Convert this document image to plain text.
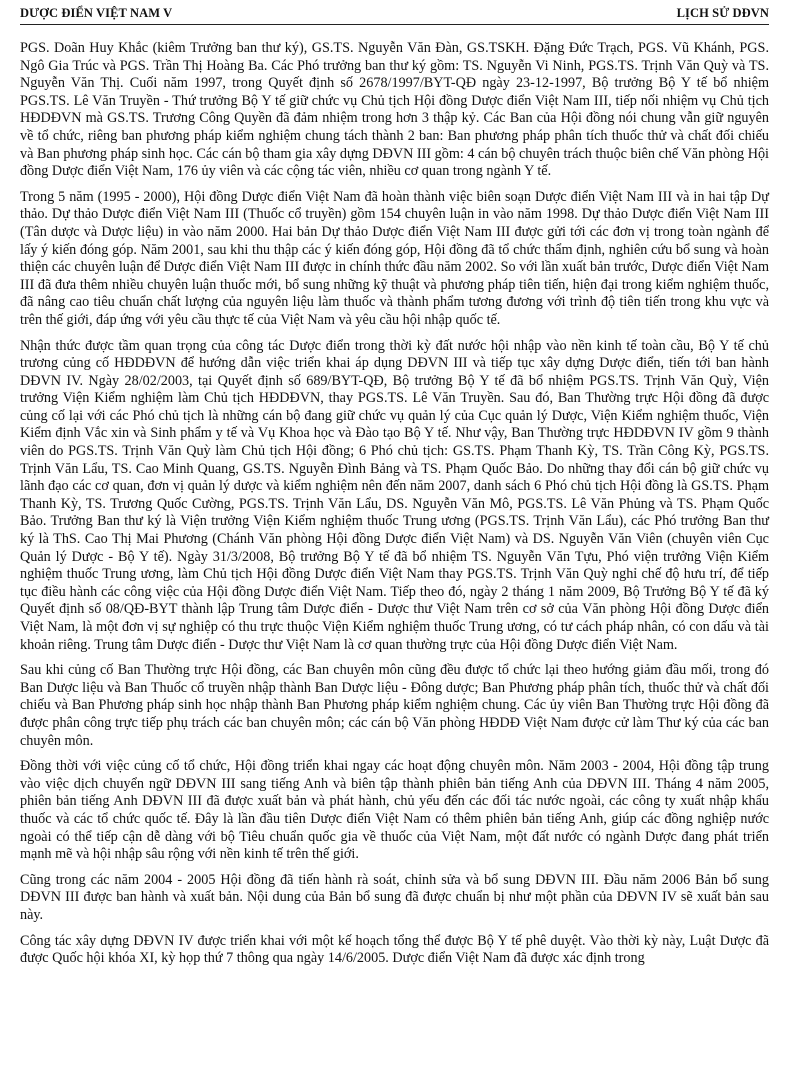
DƯỢC ĐIỂN VIỆT NAM V	LỊCH SỬ DĐVN

PGS. Doãn Huy Khắc (kiêm Trưởng ban thư ký), GS.TS. Nguyễn Văn Đàn, GS.TSKH. Đặng Đức Trạch, PGS. Vũ Khánh, PGS. Ngô Gia Trúc và PGS. Trần Thị Hoàng Ba. Các Phó trưởng ban thư ký gồm: TS. Nguyễn Vi Ninh, PGS.TS. Trịnh Văn Quỳ và TS. Nguyễn Văn Thị. Cuối năm 1997, trong Quyết định số 2678/1997/BYT-QĐ ngày 23-12-1997, Bộ trưởng Bộ Y tế bổ nhiệm PGS.TS. Lê Văn Truyền - Thứ trưởng Bộ Y tế giữ chức vụ Chủ tịch Hội đồng Dược điển Việt Nam III, tiếp nối nhiệm vụ Chủ tịch HĐDĐVN mà GS.TS. Trương Công Quyền đã đảm nhiệm trong hơn 3 thập kỷ. Các Ban của Hội đồng nói chung vẫn giữ nguyên về tổ chức, riêng ban phương pháp kiểm nghiệm chung tách thành 2 ban: Ban phương pháp phân tích thuốc thử và chất đối chiếu và Ban phương pháp sinh học. Các cán bộ tham gia xây dựng DĐVN III gồm: 4 cán bộ chuyên trách thuộc biên chế Văn phòng Hội đồng Dược điển Việt Nam, 176 ủy viên và các cộng tác viên, nhiều cơ quan trong ngành Y tế.

Trong 5 năm (1995 - 2000), Hội đồng Dược điển Việt Nam đã hoàn thành việc biên soạn Dược điển Việt Nam III và in hai tập Dự thảo. Dự thảo Dược điển Việt Nam III (Thuốc cổ truyền) gồm 154 chuyên luận in vào năm 1998. Dự thảo Dược điển Việt Nam III (Tân dược và Dược liệu) in vào năm 2000. Hai bản Dự thảo Dược điển Việt Nam III được gửi tới các đơn vị trong toàn ngành để lấy ý kiến đóng góp. Năm 2001, sau khi thu thập các ý kiến đóng góp, Hội đồng đã tổ chức thẩm định, nghiên cứu bổ sung và hoàn thiện các chuyên luận để Dược điển Việt Nam III được in chính thức đầu năm 2002. So với lần xuất bản trước, Dược điển Việt Nam III đã đưa thêm nhiều chuyên luận thuốc mới, bổ sung những kỹ thuật và phương pháp tiên tiến, hiện đại trong kiểm nghiệm thuốc, đã nâng cao tiêu chuẩn chất lượng của nguyên liệu làm thuốc và thành phẩm tương đương với trình độ tiên tiến trong khu vực và trên thế giới, đáp ứng với yêu cầu thực tế của Việt Nam và yêu cầu hội nhập quốc tế.

Nhận thức được tầm quan trọng của công tác Dược điển trong thời kỳ đất nước hội nhập vào nền kinh tế toàn cầu, Bộ Y tế chủ trương củng cố HĐDĐVN để hướng dẫn việc triển khai áp dụng DĐVN III và tiếp tục xây dựng Dược điển, tiến tới ban hành DĐVN IV. Ngày 28/02/2003, tại Quyết định số 689/BYT-QĐ, Bộ trưởng Bộ Y tế đã bổ nhiệm PGS.TS. Trịnh Văn Quỳ, Viện trưởng Viện Kiểm nghiệm làm Chủ tịch HĐDĐVN, thay PGS.TS. Lê Văn Truyền. Sau đó, Ban Thường trực Hội đồng đã được củng cố lại với các Phó chủ tịch là những cán bộ đang giữ chức vụ quản lý của Cục quản lý Dược, Viện Kiểm nghiệm thuốc, Viện Kiểm định Vắc xin và Sinh phẩm y tế và Vụ Khoa học và Đào tạo Bộ Y tế. Như vậy, Ban Thường trực HĐDĐVN IV gồm 9 thành viên do PGS.TS. Trịnh Văn Quỳ làm Chủ tịch Hội đồng; 6 Phó chủ tịch: GS.TS. Phạm Thanh Kỳ, TS. Trần Công Kỳ, PGS.TS. Trịnh Văn Lẩu, TS. Cao Minh Quang, GS.TS. Nguyễn Đình Bảng và TS. Phạm Quốc Bảo. Do những thay đổi cán bộ giữ chức vụ lãnh đạo các cơ quan, đơn vị quản lý dược và kiểm nghiệm nên đến năm 2007, danh sách 6 Phó chủ tịch Hội đồng là GS.TS. Phạm Thanh Kỳ, TS. Trương Quốc Cường, PGS.TS. Trịnh Văn Lẩu, DS. Nguyễn Văn Mô, PGS.TS. Lê Văn Phủng và TS. Phạm Quốc Bảo. Trưởng Ban thư ký là Viện trưởng Viện Kiểm nghiệm thuốc Trung ương (PGS.TS. Trịnh Văn Lẩu), các Phó trưởng Ban thư ký là ThS. Cao Thị Mai Phương (Chánh Văn phòng Hội đồng Dược điển Việt Nam) và DS. Nguyễn Văn Viên (chuyên viên Cục Quản lý Dược - Bộ Y tế). Ngày 31/3/2008, Bộ trưởng Bộ Y tế đã bổ nhiệm TS. Nguyễn Văn Tựu, Phó viện trưởng Viện Kiểm nghiệm thuốc Trung ương, làm Chủ tịch Hội đồng Dược điển Việt Nam thay PGS.TS. Trịnh Văn Quỳ nghỉ chế độ hưu trí, để tiếp tục điều hành các công việc của Hội đồng Dược điển Việt Nam. Tiếp theo đó, ngày 2 tháng 1 năm 2009, Bộ Trưởng Bộ Y tế đã ký Quyết định số 08/QĐ-BYT thành lập Trung tâm Dược điển - Dược thư Việt Nam trên cơ sở của Văn phòng Hội đồng Dược điển Việt Nam, là một đơn vị sự nghiệp có thu trực thuộc Viện Kiểm nghiệm thuốc Trung ương, có tư cách pháp nhân, có con dấu và tài khoản riêng. Trung tâm Dược điển - Dược thư Việt Nam là cơ quan thường trực của Hội đồng Dược điển Việt Nam.

Sau khi củng cố Ban Thường trực Hội đồng, các Ban chuyên môn cũng đều được tổ chức lại theo hướng giảm đầu mối, trong đó Ban Dược liệu và Ban Thuốc cổ truyền nhập thành Ban Dược liệu - Đông dược; Ban Phương pháp phân tích, thuốc thử và chất đối chiếu và Ban Phương pháp sinh học nhập thành Ban Phương pháp kiểm nghiệm chung. Các ủy viên Ban Thường trực Hội đồng đã được phân công trực tiếp phụ trách các ban chuyên môn; các cán bộ Văn phòng HĐDĐ Việt Nam được cử làm Thư ký của các ban chuyên môn.

Đồng thời với việc củng cố tổ chức, Hội đồng triển khai ngay các hoạt động chuyên môn. Năm 2003 - 2004, Hội đồng tập trung vào việc dịch chuyển ngữ DĐVN III sang tiếng Anh và biên tập thành phiên bản tiếng Anh của DĐVN III. Tháng 4 năm 2005, phiên bản tiếng Anh DĐVN III đã được xuất bản và phát hành, chủ yếu đến các đối tác nước ngoài, các công ty xuất nhập khẩu thuốc và các tổ chức quốc tế. Đây là lần đầu tiên Dược điển Việt Nam có thêm phiên bản tiếng Anh, giúp các đồng nghiệp nước ngoài có thể tiếp cận dễ dàng với bộ Tiêu chuẩn quốc gia về thuốc của Việt Nam, một đất nước có ngành Dược đang phát triển mạnh mẽ và hội nhập sâu rộng với nền kinh tế trên thế giới.

Cũng trong các năm 2004 - 2005 Hội đồng đã tiến hành rà soát, chỉnh sửa và bổ sung DĐVN III. Đầu năm 2006 Bản bổ sung DĐVN III được ban hành và xuất bản. Nội dung của Bản bổ sung đã được chuẩn bị như một phần của DĐVN IV sẽ xuất bản sau này.

Công tác xây dựng DĐVN IV được triển khai với một kế hoạch tổng thể được Bộ Y tế phê duyệt. Vào thời kỳ này, Luật Dược đã được Quốc hội khóa XI, kỳ họp thứ 7 thông qua ngày 14/6/2005. Dược điển Việt Nam đã được xác định trong
